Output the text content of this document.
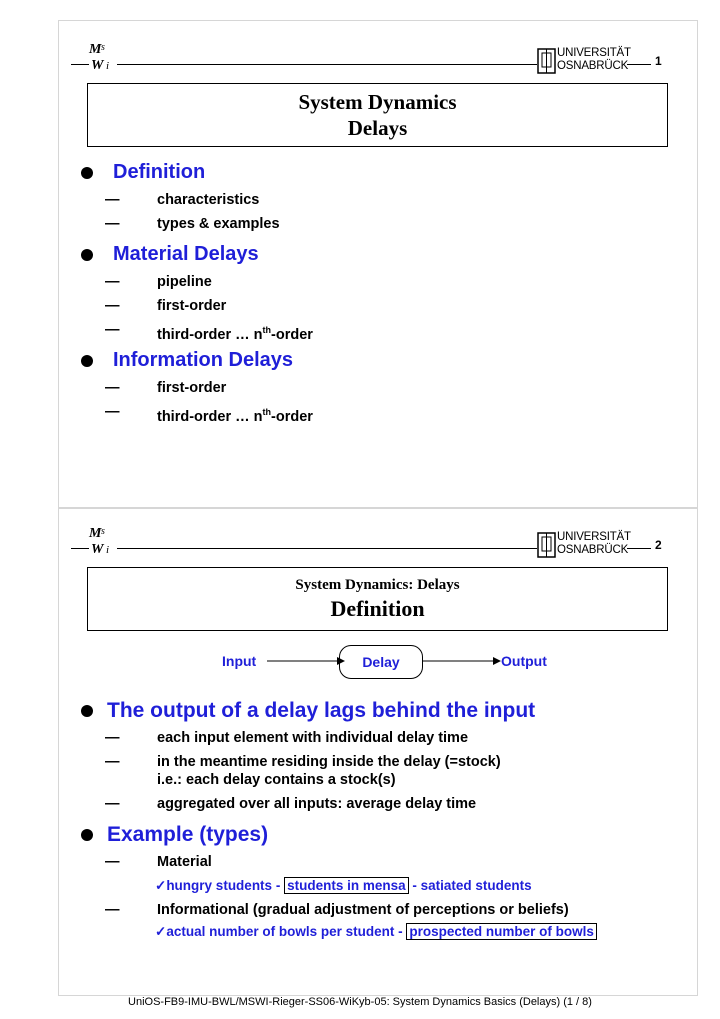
M s
W i
UNIVERSITÄT
OSNABRÜCK 1
System Dynamics
Delays
Definition
—	characteristics
—	types & examples
Material Delays
—	pipeline
—	first-order
—	third-order … $n^{th}$-order
Information Delays
—	first-order
—	third-order … $n^{th}$-order
M s
W i
UNIVERSITÄT
OSNABRÜCK 2
System Dynamics: Delays
Definition
Input	Delay	Output
The output of a delay lags behind the input
—	each input element with individual delay time
—	in the meantime residing inside the delay (=stock)
i.e.: each delay contains a stock(s)
—	aggregated over all inputs: average delay time
Example (types)
—	Material
✓hungry students - students in mensa - satiated students
—	Informational (gradual adjustment of perceptions or beliefs)
✓actual number of bowls per student - prospected number of bowls
UniOS-FB9-IMU-BWL/MSWI-Rieger-SS06-WiKyb-05: System Dynamics Basics (Delays) (1 / 8)
